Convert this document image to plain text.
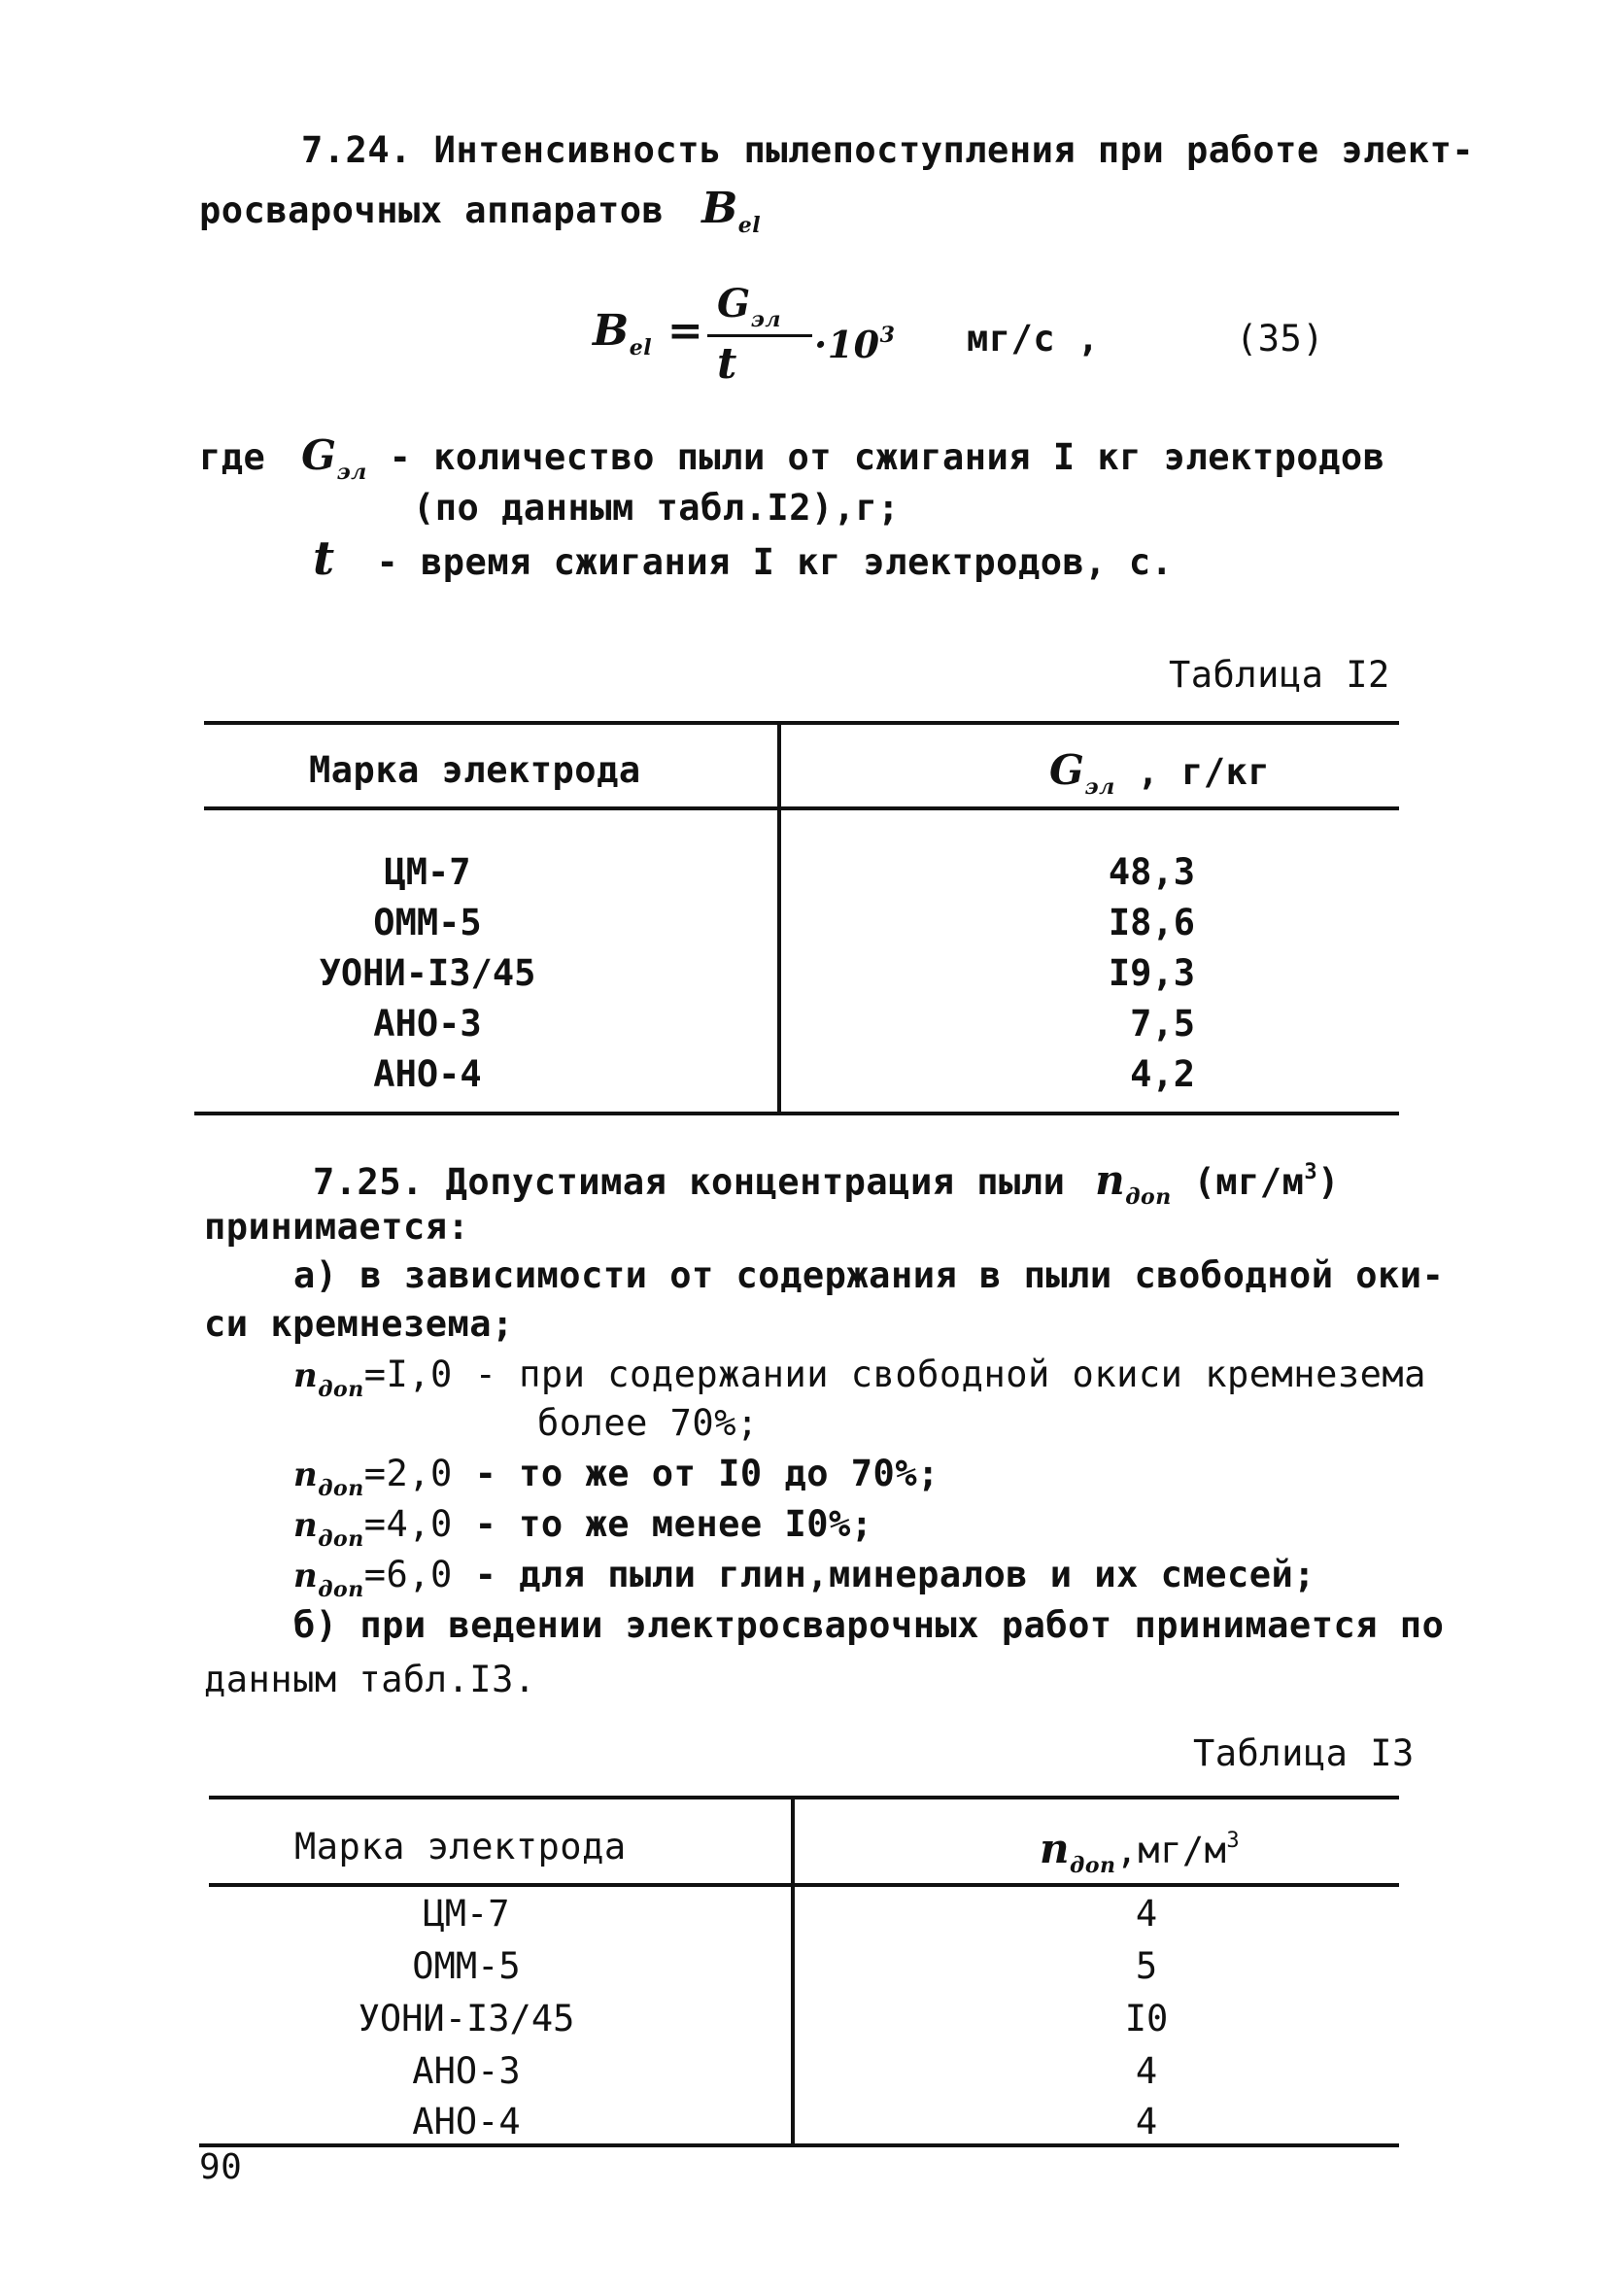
7.24. Интенсивность пылепоступления при работе элект-
росварочных аппаратов $B_{el}$
$B_{el}$ =
$G_{эл}$
$t \cdot 10^3$ мг/с ,	(35)
где $G_{эл}$ - количество пыли от сжигания I кг электродов
(по данным табл.I2),г;
t - время сжигания I кг электродов, с.
Таблица I2
Марка электрода	$G_{эл}$ , г/кг
ЦМ-7	48,3
ОММ-5	I8,6
УОНИ-I3/45	I9,3
АНО-3	7,5
АНО-4	4,2
7.25. Допустимая концентрация пыли $n_{доп}$ $(мг/м^3)$
принимается:
а) в зависимости от содержания в пыли свободной оки-
си кремнезема;
$n_{доп}=I,0$ - при содержании свободной окиси кремнезема
более 70%;
$n_{доп}=2,0$ - то же от I0 до 70%;
$n_{доп}=4,0$ - то же менее I0%;
$n_{доп}=6,0$ - для пыли глин,минералов и их смесей;
б) при ведении электросварочных работ принимается по
данным табл.I3.
Таблица I3
Марка электрода	$n_{доп},мг/м^3$
ЦМ-7	4
ОММ-5	5
УОНИ-I3/45	I0
АНО-3	4
АНО-4	4
90
